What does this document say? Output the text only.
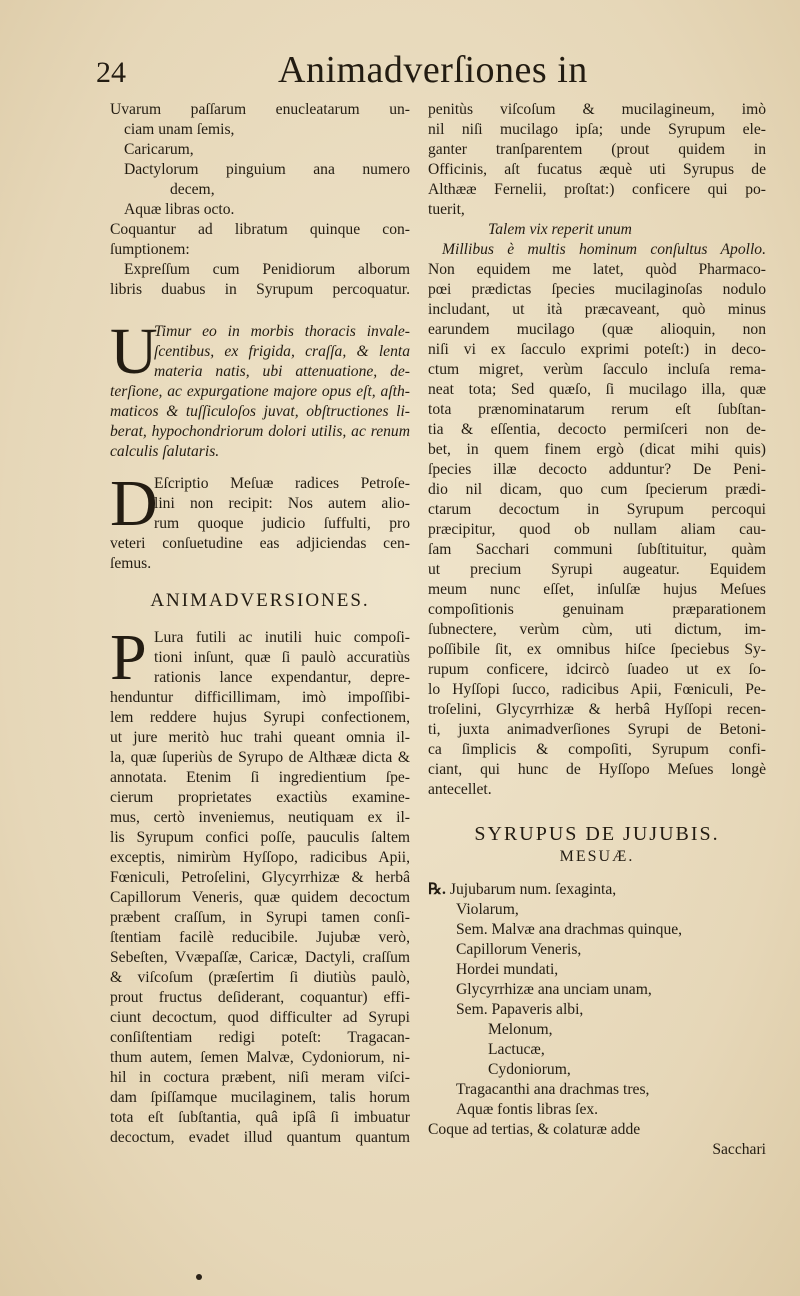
24	Animadverſiones in
Uvarum paſſarum enucleatarum un-
ciam unam ſemis,
Caricarum,
Dactylorum pinguium ana numero
decem,
Aquæ libras octo.
Coquantur ad libratum quinque con-
ſumptionem:
Expreſſum cum Penidiorum alborum
libris duabus in Syrupum percoquatur.
U
Timur eo in morbis thoracis invale-
ſcentibus, ex frigida, craſſa, & lenta
materia natis, ubi attenuatione, de-
terſione, ac expurgatione majore opus eſt, aſth-
maticos & tuſſiculoſos juvat, obſtructiones li-
berat, hypochondriorum dolori utilis, ac renum
calculis ſalutaris.
D
Eſcriptio Meſuæ radices Petroſe-
lini non recipit: Nos autem alio-
rum quoque judicio ſuffulti, pro
veteri conſuetudine eas adjiciendas cen-
ſemus.
ANIMADVERSIONES.
P Lura futili ac inutili huic compoſi-
tioni inſunt, quæ ſi paulò accuratiùs
rationis lance expendantur, depre-
henduntur difficillimam, imò impoſſibi-
lem reddere hujus Syrupi confectionem,
ut jure meritò huc trahi queant omnia il-
la, quæ ſuperiùs de Syrupo de Althææ dicta &
annotata. Etenim ſi ingredientium ſpe-
cierum proprietates exactiùs examine-
mus, certò inveniemus, neutiquam ex il-
lis Syrupum confici poſſe, pauculis ſaltem
exceptis, nimirùm Hyſſopo, radicibus Apii,
Fœniculi, Petroſelini, Glycyrrhizæ & herbâ
Capillorum Veneris, quæ quidem decoctum
præbent craſſum, in Syrupi tamen conſi-
ſtentiam facilè reducibile. Jujubæ verò,
Sebeſten, Vvæpaſſæ, Caricæ, Dactyli, craſſum
& viſcoſum (præſertim ſi diutiùs paulò,
prout fructus deſiderant, coquantur) effi-
ciunt decoctum, quod difficulter ad Syrupi
conſiſtentiam redigi poteſt: Tragacan-
thum autem, ſemen Malvæ, Cydoniorum, ni-
hil in coctura præbent, niſi meram viſci-
dam ſpiſſamque mucilaginem, talis horum
tota eſt ſubſtantia, quâ ipſâ ſi imbuatur
decoctum, evadet illud quantum quantum
penitùs viſcoſum & mucilagineum, imò
nil niſi mucilago ipſa; unde Syrupum ele-
ganter tranſparentem (prout quidem in
Officinis, aſt fucatus æquè uti Syrupus de
Althææ Fernelii, proſtat:) conficere qui po-
tuerit,
Talem vix reperit unum
Millibus è multis hominum conſultus Apollo.
Non equidem me latet, quòd Pharmaco-
pœi prædictas ſpecies mucilaginoſas nodulo
includant, ut ità præcaveant, quò minus
earundem mucilago (quæ alioquin, non
niſi vi ex ſacculo exprimi poteſt:) in deco-
ctum migret, verùm ſacculo incluſa rema-
neat tota; Sed quæſo, ſi mucilago illa, quæ
tota prænominatarum rerum eſt ſubſtan-
tia & eſſentia, decocto permiſceri non de-
bet, in quem finem ergò (dicat mihi quis)
ſpecies illæ decocto adduntur? De Peni-
dio nil dicam, quo cum ſpecierum prædi-
ctarum decoctum in Syrupum percoqui
præcipitur, quod ob nullam aliam cau-
ſam Sacchari communi ſubſtituitur, quàm
ut precium Syrupi augeatur. Equidem
meum nunc eſſet, inſulſæ hujus Meſues
compoſitionis genuinam præparationem
ſubnectere, verùm cùm, uti dictum, im-
poſſibile ſit, ex omnibus hiſce ſpeciebus Sy-
rupum conficere, idcircò ſuadeo ut ex ſo-
lo Hyſſopi ſucco, radicibus Apii, Fœniculi, Pe-
troſelini, Glycyrrhizæ & herbâ Hyſſopi recen-
ti, juxta animadverſiones Syrupi de Betoni-
ca ſimplicis & compoſiti, Syrupum confi-
ciant, qui hunc de Hyſſopo Meſues longè
antecellet.
SYRUPUS DE JUJUBIS.
MESUÆ.
℞. Jujubarum num. ſexaginta,
Violarum,
Sem. Malvæ ana drachmas quinque,
Capillorum Veneris,
Hordei mundati,
Glycyrrhizæ ana unciam unam,
Sem. Papaveris albi,
Melonum,
Lactucæ,
Cydoniorum,
Tragacanthi ana drachmas tres,
Aquæ fontis libras ſex.
Coque ad tertias, & colaturæ adde
Sacchari
